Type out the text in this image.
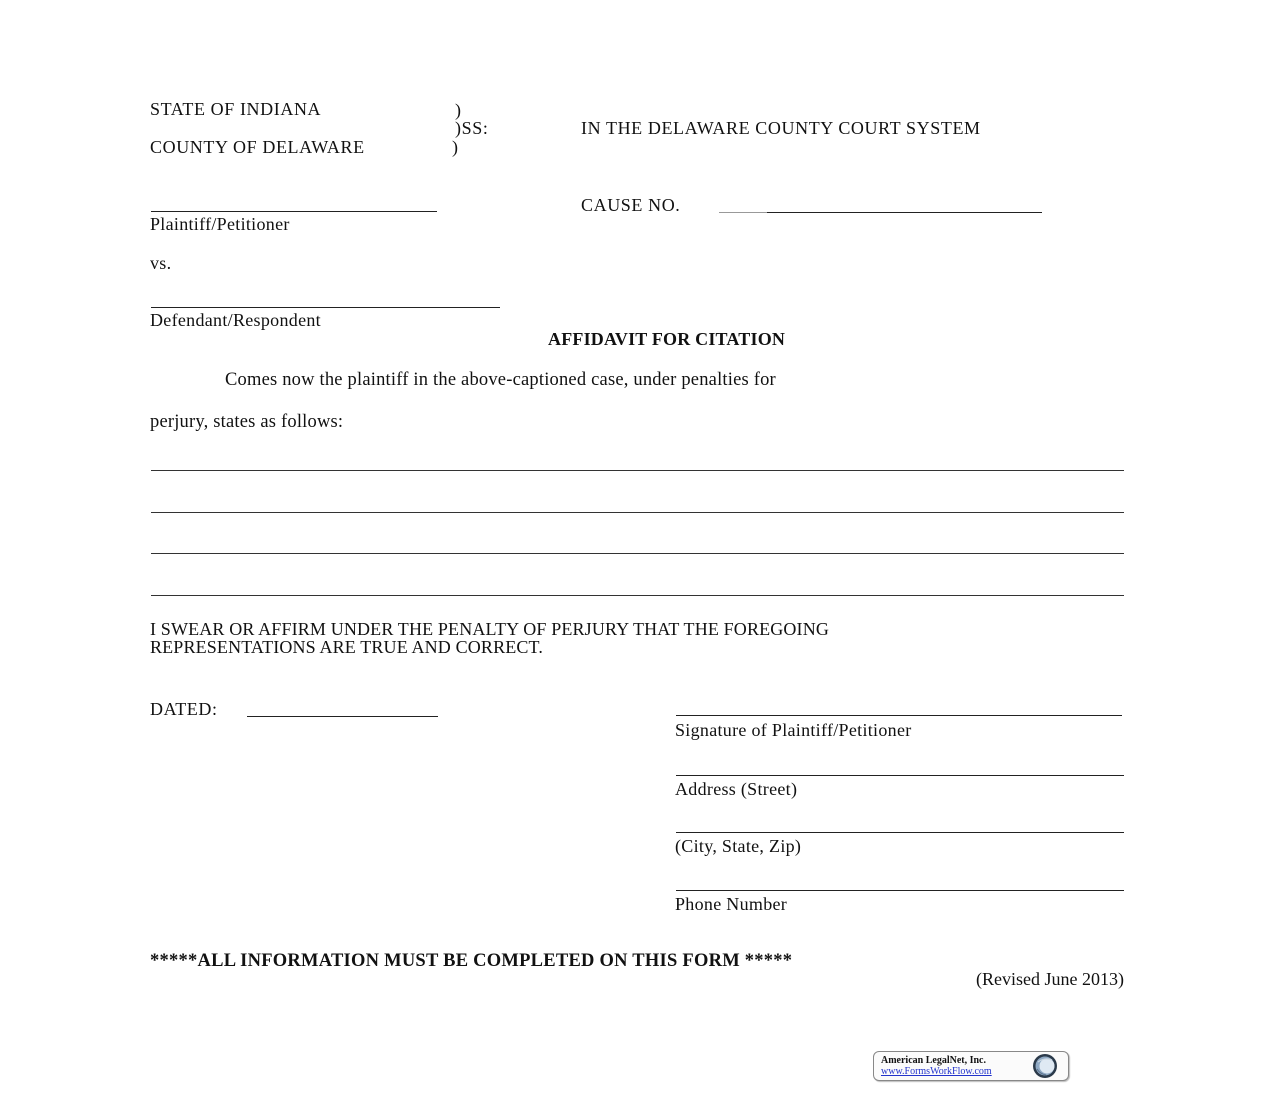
STATE OF INDIANA	)
)SS:
COUNTY OF DELAWARE	)
IN THE DELAWARE COUNTY COURT SYSTEM
Plaintiff/Petitioner
vs.
Defendant/Respondent
CAUSE NO.
AFFIDAVIT FOR CITATION
Comes now the plaintiff in the above-captioned case, under penalties for
perjury, states as follows:
I SWEAR OR AFFIRM UNDER THE PENALTY OF PERJURY THAT THE FOREGOING
REPRESENTATIONS ARE TRUE AND CORRECT.
DATED:
Signature of Plaintiff/Petitioner
Address (Street)
(City, State, Zip)
Phone Number
*****ALL INFORMATION MUST BE COMPLETED ON THIS FORM *****
(Revised June 2013)
American LegalNet, Inc.
www.FormsWorkFlow.com
